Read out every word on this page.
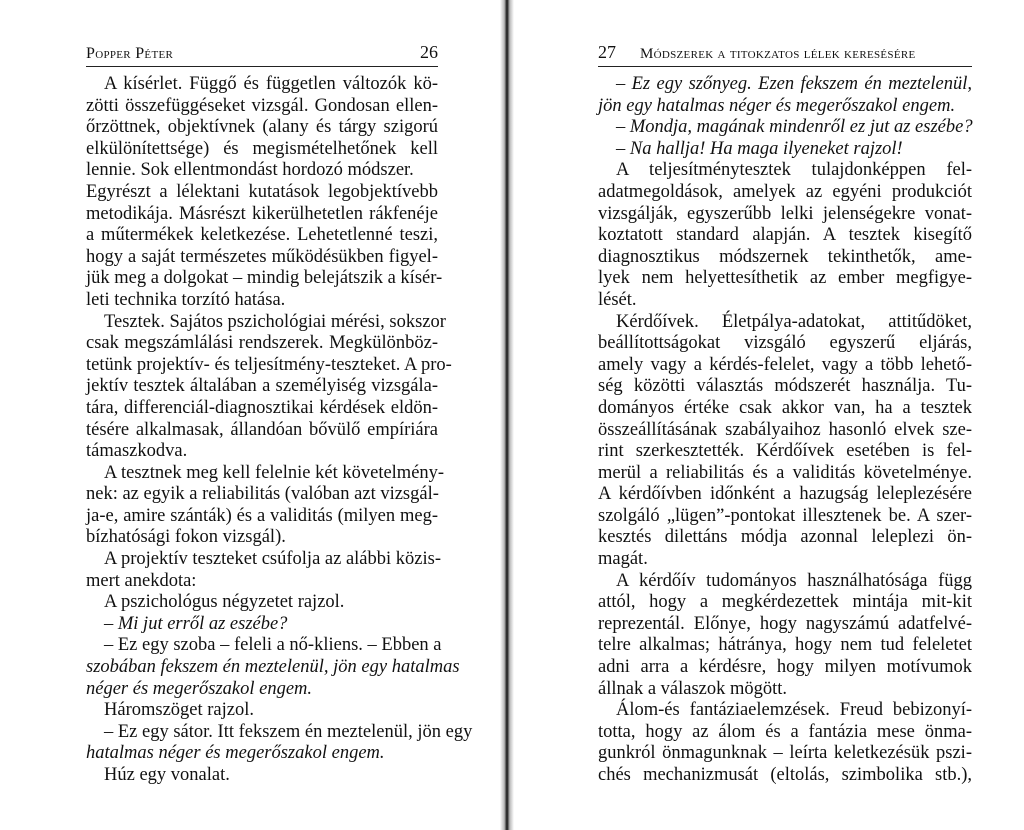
Popper Péter	26
A kísérlet. Függő és független változók kö-
zötti összefüggéseket vizsgál. Gondosan ellen-
őrzöttnek, objektívnek (alany és tárgy szigorú
elkülönítettsége) és megismételhetőnek kell
lennie. Sok ellentmondást hordozó módszer.
Egyrészt a lélektani kutatások legobjektívebb
metodikája. Másrészt kikerülhetetlen rákfenéje
a műtermékek keletkezése. Lehetetlenné teszi,
hogy a saját természetes működésükben figyel-
jük meg a dolgokat – mindig belejátszik a kísér-
leti technika torzító hatása.
Tesztek. Sajátos pszichológiai mérési, sokszor
csak megszámlálási rendszerek. Megkülönböz-
tetünk projektív- és teljesítmény-teszteket. A pro-
jektív tesztek általában a személyiség vizsgála-
tára, differenciál-diagnosztikai kérdések eldön-
tésére alkalmasak, állandóan bővülő empíriára
támaszkodva.
A tesztnek meg kell felelnie két követelmény-
nek: az egyik a reliabilitás (valóban azt vizsgál-
ja-e, amire szánták) és a validitás (milyen meg-
bízhatósági fokon vizsgál).
A projektív teszteket csúfolja az alábbi közis-
mert anekdota:
A pszichológus négyzetet rajzol.
– Mi jut erről az eszébe?
– Ez egy szoba – feleli a nő-kliens. – Ebben a
szobában fekszem én meztelenül, jön egy hatalmas
néger és megerőszakol engem.
Háromszöget rajzol.
– Ez egy sátor. Itt fekszem én meztelenül, jön egy
hatalmas néger és megerőszakol engem.
Húz egy vonalat.
27 Módszerek a titokzatos lélek keresésére
– Ez egy szőnyeg. Ezen fekszem én meztelenül,
jön egy hatalmas néger és megerőszakol engem.
– Mondja, magának mindenről ez jut az eszébe?
– Na hallja! Ha maga ilyeneket rajzol!
A teljesítménytesztek tulajdonképpen fel-
adatmegoldások, amelyek az egyéni produkciót
vizsgálják, egyszerűbb lelki jelenségekre vonat-
koztatott standard alapján. A tesztek kisegítő
diagnosztikus módszernek tekinthetők, ame-
lyek nem helyettesíthetik az ember megfigye-
lését.
Kérdőívek. Életpálya-adatokat, attitűdöket,
beállítottságokat vizsgáló egyszerű eljárás,
amely vagy a kérdés-felelet, vagy a több lehető-
ség közötti választás módszerét használja. Tu-
dományos értéke csak akkor van, ha a tesztek
összeállításának szabályaihoz hasonló elvek sze-
rint szerkesztették. Kérdőívek esetében is fel-
merül a reliabilitás és a validitás követelménye.
A kérdőívben időnként a hazugság leleplezésére
szolgáló „lügen”-pontokat illesztenek be. A szer-
kesztés dilettáns módja azonnal leleplezi ön-
magát.
A kérdőív tudományos használhatósága függ
attól, hogy a megkérdezettek mintája mit-kit
reprezentál. Előnye, hogy nagyszámú adatfelvé-
telre alkalmas; hátránya, hogy nem tud feleletet
adni arra a kérdésre, hogy milyen motívumok
állnak a válaszok mögött.
Álom-és fantáziaelemzések. Freud bebizonyí-
totta, hogy az álom és a fantázia mese önma-
gunkról önmagunknak – leírta keletkezésük pszi-
chés mechanizmusát (eltolás, szimbolika stb.),
